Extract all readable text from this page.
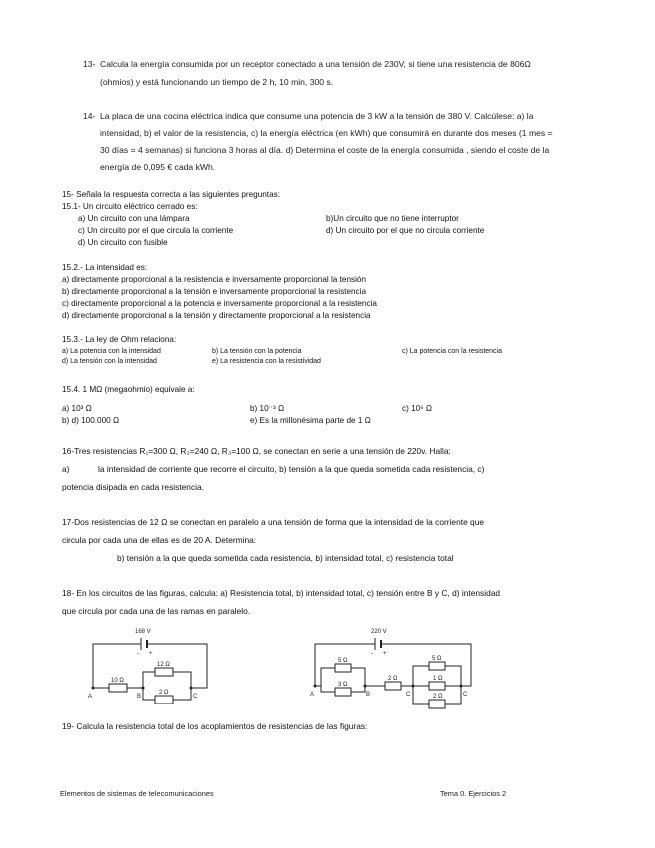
13- Calcula la energía consumida por un receptor conectado a una tensión de 230V, si tiene una resistencia de 806Ω
(ohmios) y está funcionando un tiempo de 2 h, 10 min, 300 s.
14- La placa de una cocina eléctrica indica que consume una potencia de 3 kW a la tensión de 380 V. Calcúlese: a) la
intensidad, b) el valor de la resistencia, c) la energía eléctrica (en kWh) que consumirá en durante dos meses (1 mes =
30 días = 4 semanas) si funciona 3 horas al día. d) Determina el coste de la energía consumida , siendo el coste de la
energía de 0,095 € cada kWh.
15- Señala la respuesta correcta a las siguientes preguntas:
15.1- Un circuito eléctrico cerrado es:
a) Un circuito con una lámpara	b)Un circuito que no tiene interruptor
c) Un circuito por el que circula la corriente	d) Un circuito por el que no circula corriente
d) Un circuito con fusible
15.2.- La intensidad es:
a) directamente proporcional a la resistencia e inversamente proporcional la tensión
b) directamente proporcional a la tensión e inversamente proporcional la resistencia
c) directamente proporcional a la potencia e inversamente proporcional a la resistencia
d) directamente proporcional a la tensión y directamente proporcional a la resistencia
15.3.- La ley de Ohm relaciona:
a) La potencia con la intensidad	b) La tensión con la potencia	c) La potencia con la resistencia
d) La tensión con la intensidad	e) La resistencia con la resistividad
15.4. 1 MΩ (megaohmio) equivale a:
a) 10³ Ω	b) 10⁻³ Ω	c) 10⁶ Ω
b) d) 100.000 Ω	e) Es la millonésima parte de 1 Ω
16-Tres resistencias R₁=300 Ω, R₂=240 Ω, R₃=100 Ω, se conectan en serie a una tensión de 220v. Halla:
a)	la intensidad de corriente que recorre el circuito, b) tensión a la que queda sometida cada resistencia, c)
potencia disipada en cada resistencia.
17-Dos resistencias de 12 Ω se conectan en paralelo a una tensión de forma que la intensidad de la corriente que
circula por cada una de ellas es de 20 A. Determina:
b) tensión a la que queda sometida cada resistencia, b) intensidad total, c) resistencia total
18- En los circuitos de las figuras, calcula: a) Resistencia total, b) intensidad total, c) tensión entre B y C, d) intensidad
que circula por cada una de las ramas en paralelo.
168 V
- +
10 Ω
12 Ω
2 Ω
A	B	C
220 V
- +
5 Ω
3 Ω
2 Ω
5 Ω
1 Ω
2 Ω
A	B	C	C
19- Calcula la resistencia total de los acoplamientos de resistencias de las figuras:
Elementos de sistemas de telecomunicaciones	Tema 0. Ejercicios 2
